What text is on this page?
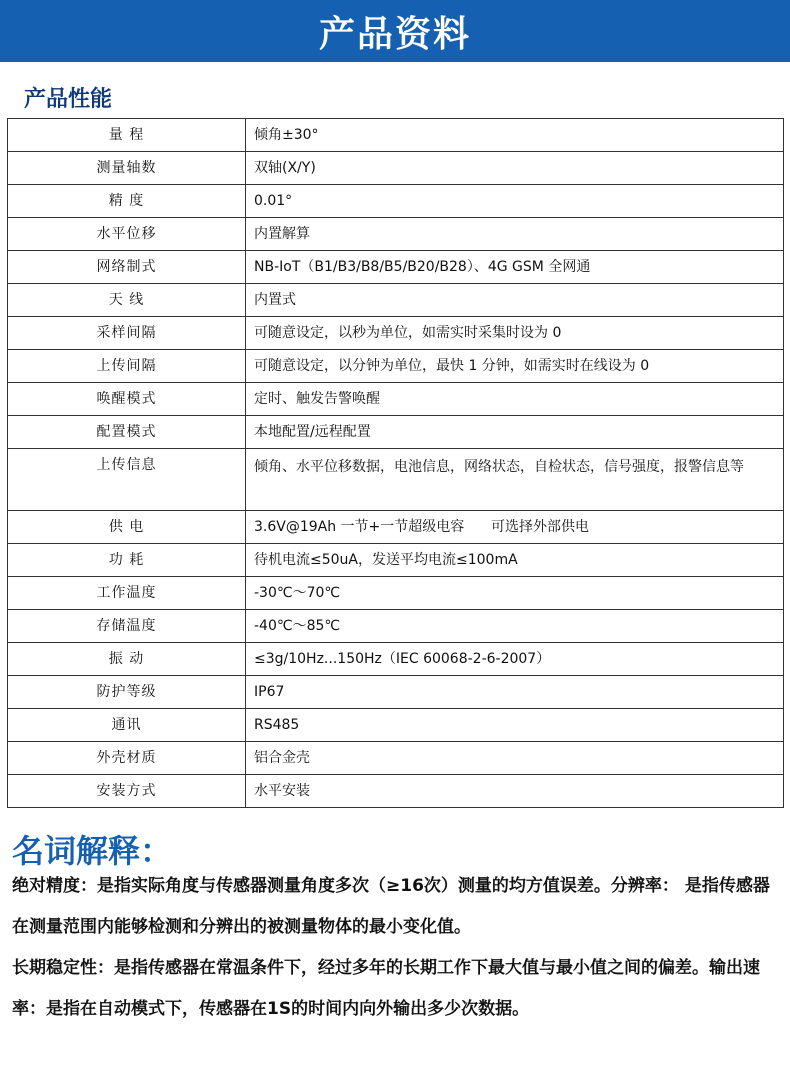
产品资料
产品性能
量 程	倾角±30°
测量轴数	双轴(X/Y)
精 度	0.01°
水平位移	内置解算
网络制式	NB-IoT（B1/B3/B8/B5/B20/B28）、4G GSM 全网通
天 线	内置式
采样间隔	可随意设定，以秒为单位，如需实时采集时设为 0
上传间隔	可随意设定，以分钟为单位，最快 1 分钟，如需实时在线设为 0
唤醒模式	定时、触发告警唤醒
配置模式	本地配置/远程配置
上传信息	倾角、水平位移数据，电池信息，网络状态，自检状态，信号强度，报警信息等
供 电	3.6V@19Ah 一节+一节超级电容      可选择外部供电
功 耗	待机电流≤50uA，发送平均电流≤100mA
工作温度	-30℃～70℃
存储温度	-40℃～85℃
振 动	≤3g/10Hz...150Hz（IEC 60068-2-6-2007）
防护等级	IP67
通讯	RS485
外壳材质	铝合金壳
安装方式	水平安装
名词解释：
绝对精度：是指实际角度与传感器测量角度多次（≥16次）测量的均方值误差。分辨率： 是指传感器在测量范围内能够检测和分辨出的被测量物体的最小变化值。
长期稳定性：是指传感器在常温条件下，经过多年的长期工作下最大值与最小值之间的偏差。输出速率：是指在自动模式下，传感器在1S的时间内向外输出多少次数据。
